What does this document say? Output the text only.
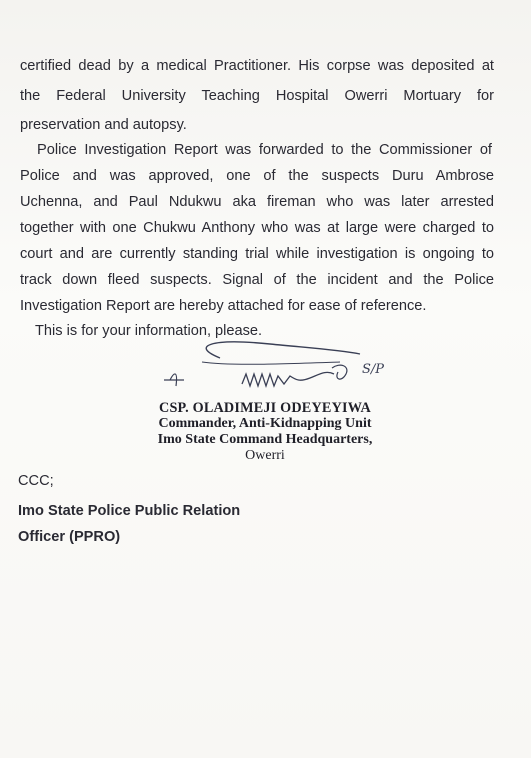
certified dead by a medical Practitioner. His corpse was deposited at
the Federal University Teaching Hospital Owerri Mortuary for
preservation and autopsy.
Police Investigation Report was forwarded to the Commissioner of
Police and was approved, one of the suspects Duru Ambrose
Uchenna, and Paul Ndukwu aka fireman who was later arrested
together with one Chukwu Anthony who was at large were charged to
court and are currently standing trial while investigation is ongoing to
track down fleed suspects. Signal of the incident and the Police
Investigation Report are hereby attached for ease of reference.
This is for your information, please.
S/P
CSP. OLADIMEJI ODEYEYIWA
Commander, Anti-Kidnapping Unit
Imo State Command Headquarters,
Owerri
CCC;
Imo State Police Public Relation
Officer (PPRO)
